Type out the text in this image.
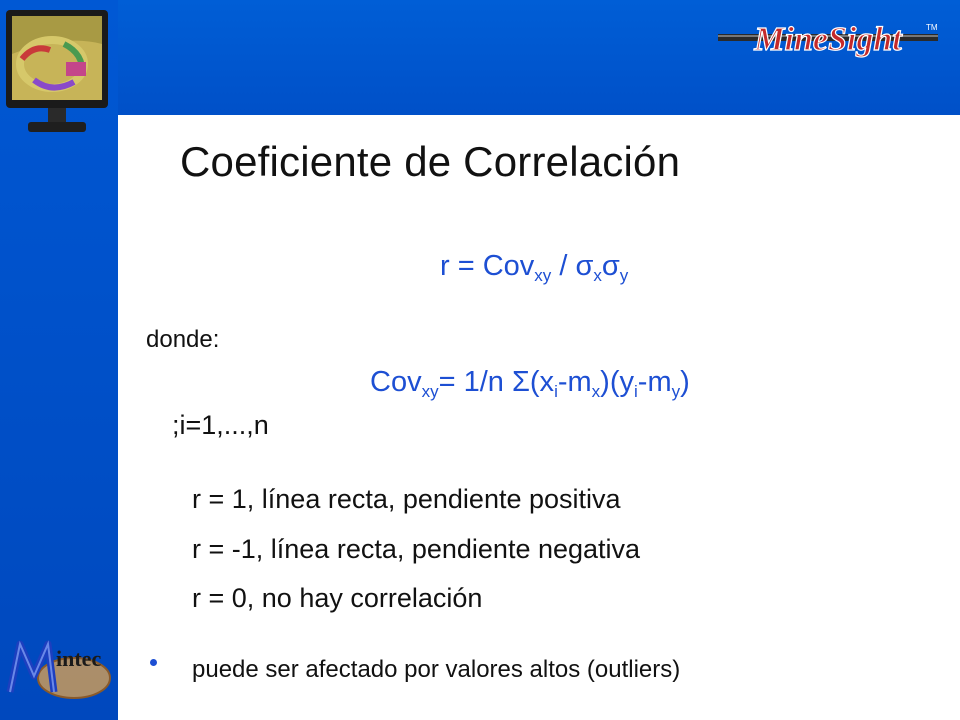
MineSight	TM
intec
Coeficiente de Correlación
$r = Cov_{xy} / \sigma_x\sigma_y$
donde:
Cov$_{xy}$= 1/n $\Sigma(x_i-m_x)(y_i-m_y)$
;i=1,...,n
r = 1, línea recta, pendiente positiva
r = -1, línea recta, pendiente negativa
r = 0, no hay correlación
puede ser afectado por valores altos (outliers)
